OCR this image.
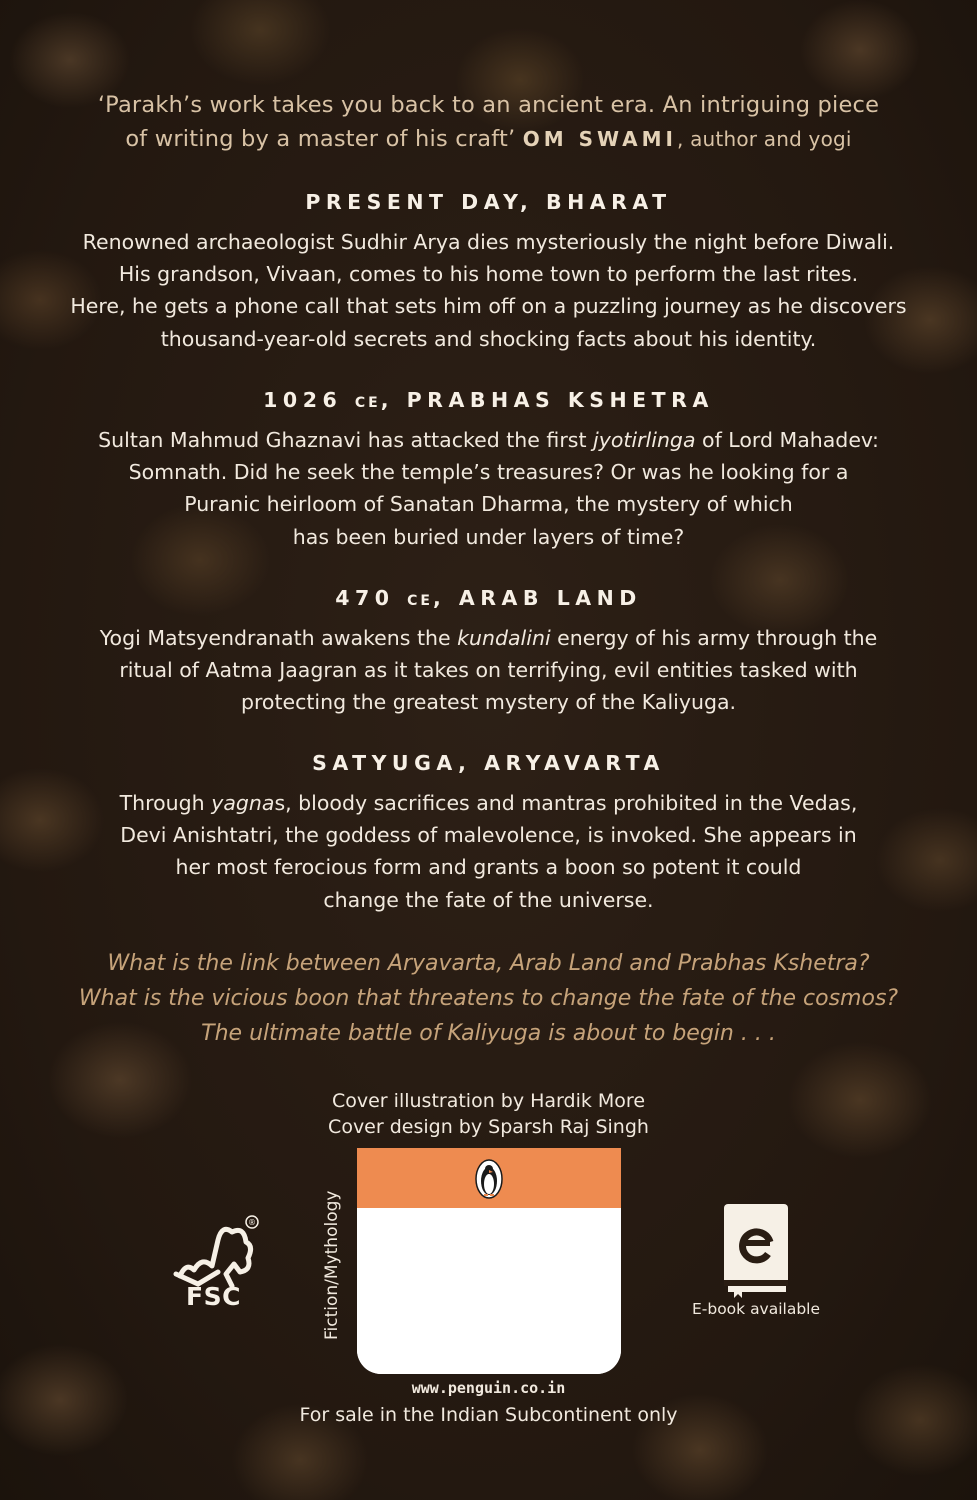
‘Parakh’s work takes you back to an ancient era. An intriguing piece
of writing by a master of his craft’ OM SWAMI, author and yogi
PRESENT DAY, BHARAT
Renowned archaeologist Sudhir Arya dies mysteriously the night before Diwali.
His grandson, Vivaan, comes to his home town to perform the last rites.
Here, he gets a phone call that sets him off on a puzzling journey as he discovers
thousand-year-old secrets and shocking facts about his identity.
1026 CE, PRABHAS KSHETRA
Sultan Mahmud Ghaznavi has attacked the first jyotirlinga of Lord Mahadev:
Somnath. Did he seek the temple’s treasures? Or was he looking for a
Puranic heirloom of Sanatan Dharma, the mystery of which
has been buried under layers of time?
470 CE, ARAB LAND
Yogi Matsyendranath awakens the kundalini energy of his army through the
ritual of Aatma Jaagran as it takes on terrifying, evil entities tasked with
protecting the greatest mystery of the Kaliyuga.
SATYUGA, ARYAVARTA
Through yagnas, bloody sacrifices and mantras prohibited in the Vedas,
Devi Anishtatri, the goddess of malevolence, is invoked. She appears in
her most ferocious form and grants a boon so potent it could
change the fate of the universe.
What is the link between Aryavarta, Arab Land and Prabhas Kshetra?
What is the vicious boon that threatens to change the fate of the cosmos?
The ultimate battle of Kaliyuga is about to begin . . .
Cover illustration by Hardik More
Cover design by Sparsh Raj Singh
®
FSC	Fiction/Mythology
www.penguin.co.in
For sale in the Indian Subcontinent only
E-book available
